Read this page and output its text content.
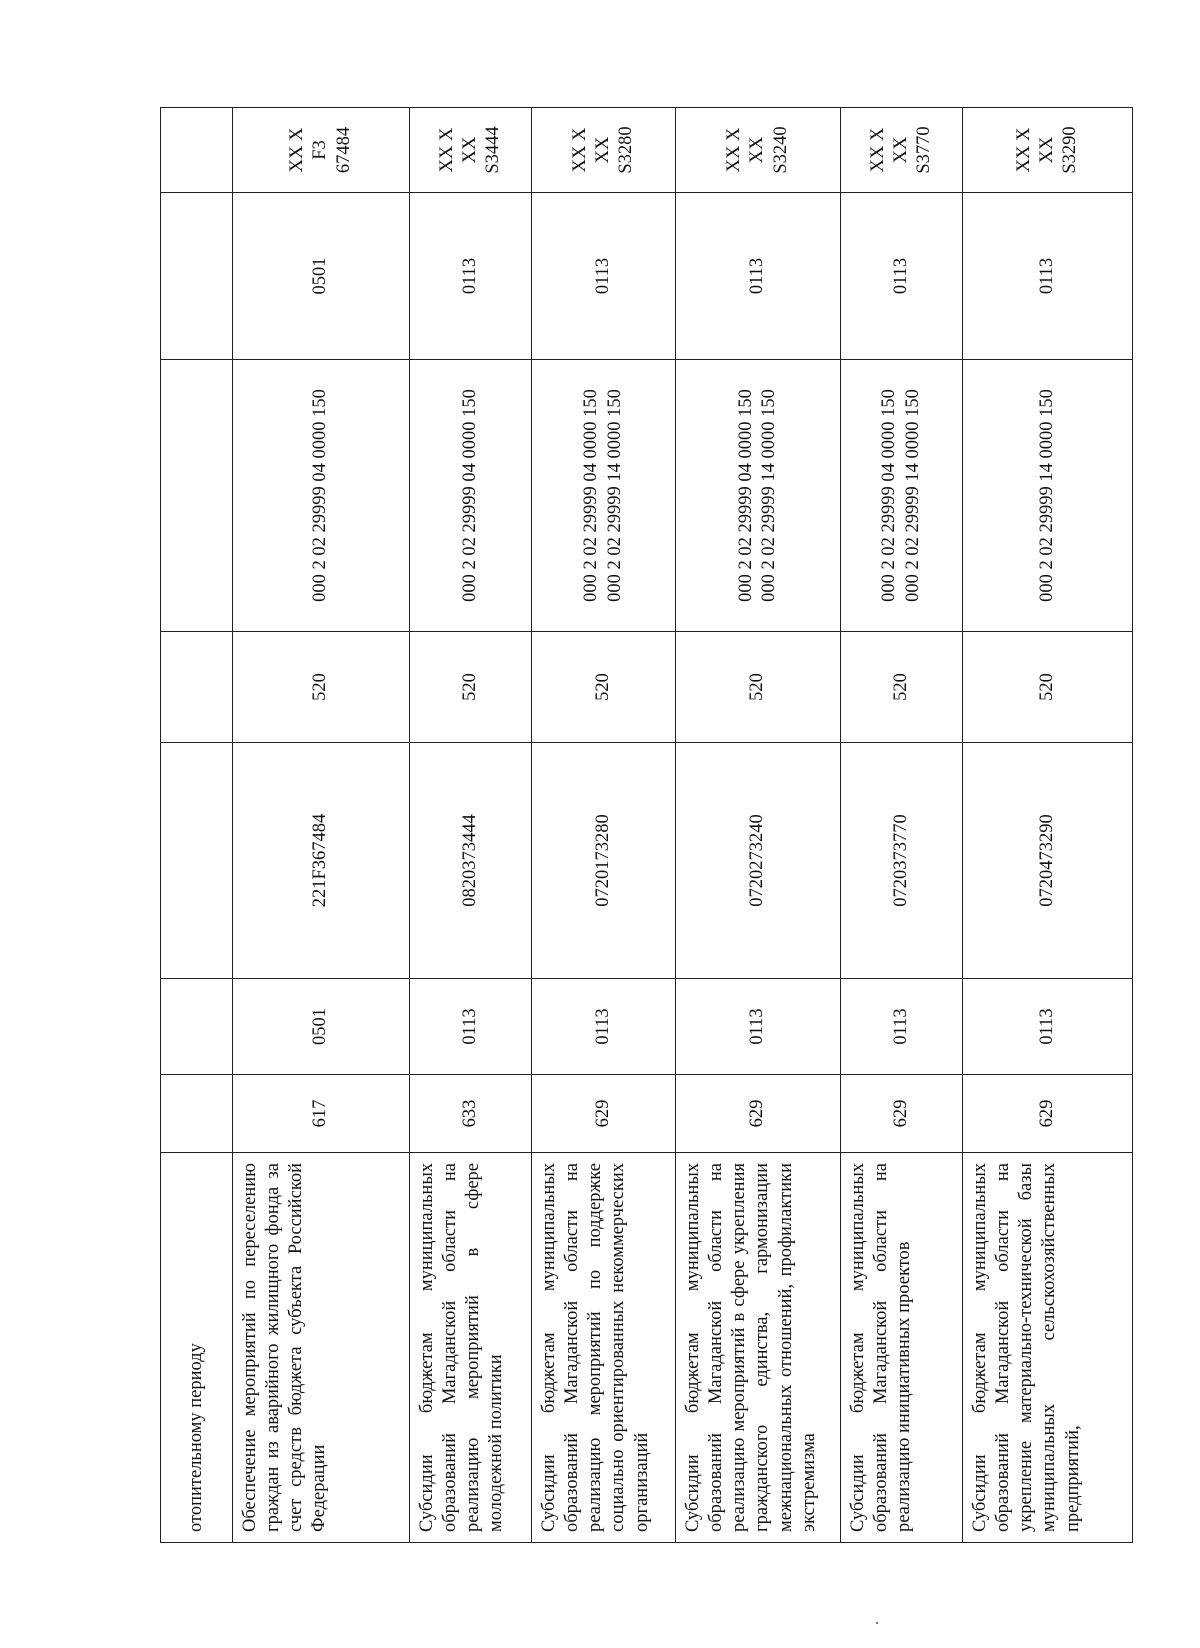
отопительному периоду							
Обеспечение мероприятий по переселению граждан из аварийного жилищного фонда за счет средств бюджета субъекта Российской Федерации	617	0501	221F367484	520	000 2 02 29999 04 0000 150	0501	XX X F3 67484
Субсидии бюджетам муниципальных образований Магаданской области на реализацию мероприятий в сфере молодежной политики	633	0113	0820373444	520	000 2 02 29999 04 0000 150	0113	XX X XX S3444
Субсидии бюджетам муниципальных образований Магаданской области на реализацию мероприятий по поддержке социально ориентированных некоммерческих организаций	629	0113	0720173280	520	000 2 02 29999 04 0000 150 000 2 02 29999 14 0000 150	0113	XX X XX S3280
Субсидии бюджетам муниципальных образований Магаданской области на реализацию мероприятий в сфере укрепления гражданского единства, гармонизации межнациональных отношений, профилактики экстремизма	629	0113	0720273240	520	000 2 02 29999 04 0000 150 000 2 02 29999 14 0000 150	0113	XX X XX S3240
Субсидии бюджетам муниципальных образований Магаданской области на реализацию инициативных проектов	629	0113	0720373770	520	000 2 02 29999 04 0000 150 000 2 02 29999 14 0000 150	0113	XX X XX S3770
Субсидии бюджетам муниципальных образований Магаданской области на укрепление материально-технической базы муниципальных сельскохозяйственных предприятий,	629	0113	0720473290	520	000 2 02 29999 14 0000 150	0113	XX X XX S3290
